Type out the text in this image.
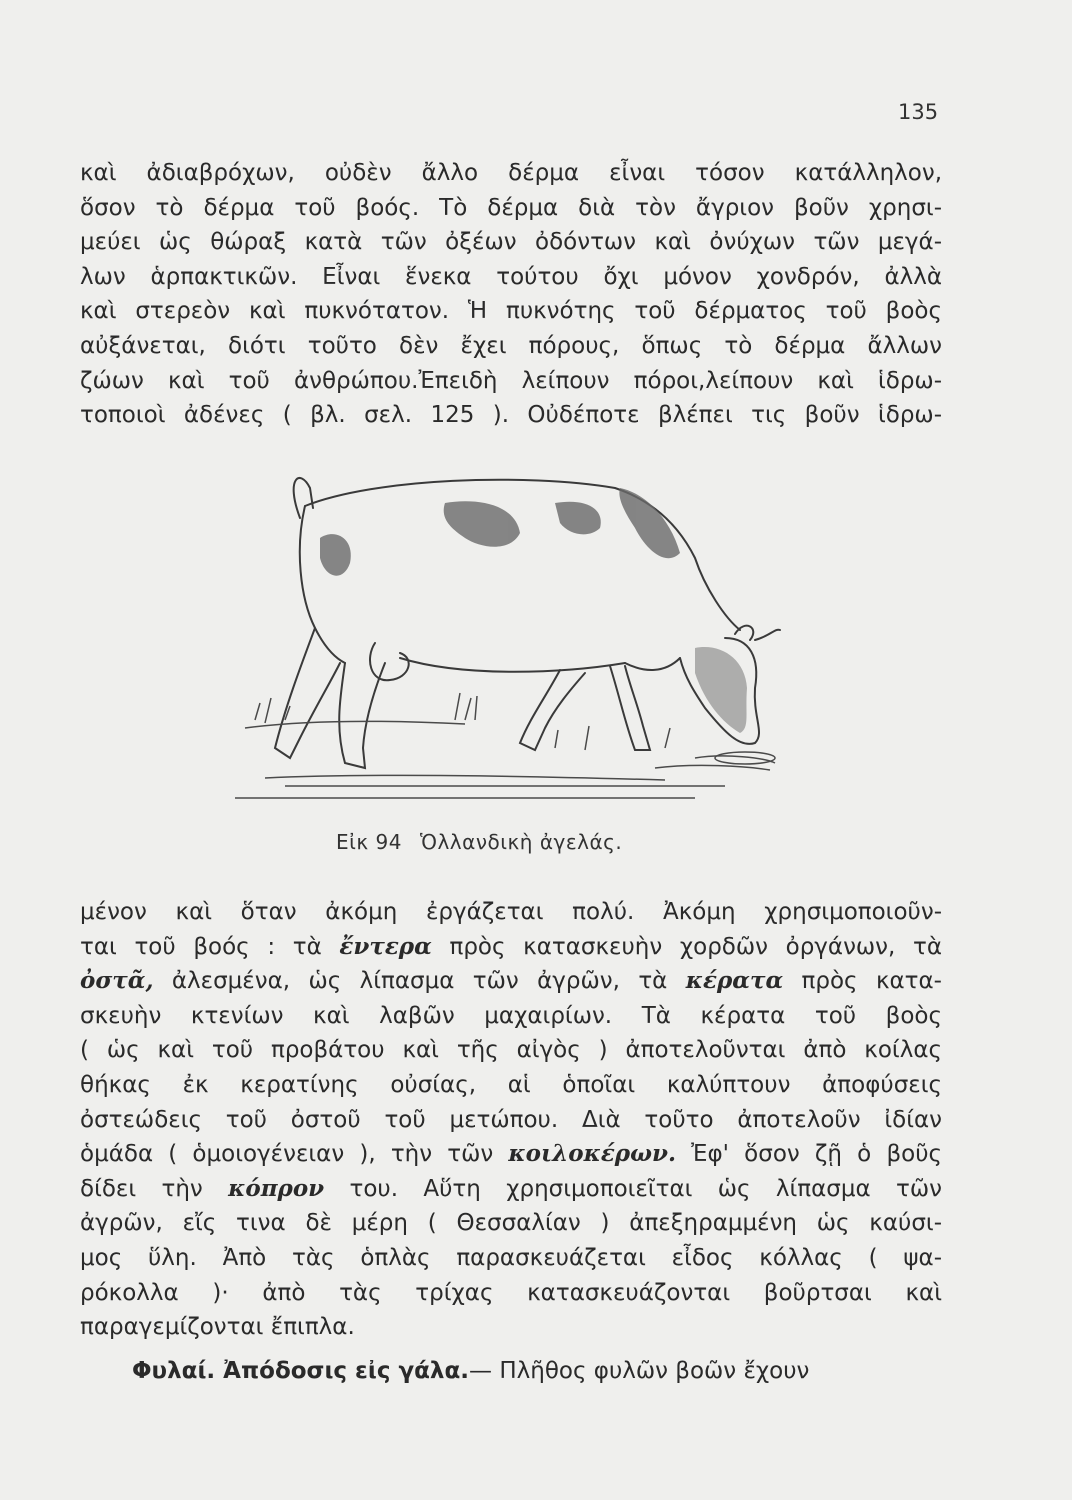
135

καὶ ἀδιαβρόχων, οὐδὲν ἄλλο δέρμα εἶναι τόσον κατάλληλον,
ὅσον τὸ δέρμα τοῦ βοός. Τὸ δέρμα διὰ τὸν ἄγριον βοῦν χρησι-
μεύει ὡς θώραξ κατὰ τῶν ὀξέων ὀδόντων καὶ ὀνύχων τῶν μεγά-
λων ἁρπακτικῶν. Εἶναι ἕνεκα τούτου ὄχι μόνον χονδρόν, ἀλλὰ
καὶ στερεὸν καὶ πυκνότατον. Ἡ πυκνότης τοῦ δέρματος τοῦ βοὸς
αὐξάνεται, διότι τοῦτο δὲν ἔχει πόρους, ὅπως τὸ δέρμα ἄλλων
ζώων καὶ τοῦ ἀνθρώπου.Ἐπειδὴ λείπουν πόροι,λείπουν καὶ ἱδρω-
τοποιοὶ ἀδένες ( βλ. σελ. 125 ). Οὐδέποτε βλέπει τις βοῦν ἱδρω-

Εἰκ 94 Ὁλλανδικὴ ἀγελάς.

μένον καὶ ὅταν ἀκόμη ἐργάζεται πολύ. Ἀκόμη χρησιμοποιοῦν-
ται τοῦ βοός : τὰ ἔντερα πρὸς κατασκευὴν χορδῶν ὀργάνων, τὰ
ὀστᾶ, ἀλεσμένα, ὡς λίπασμα τῶν ἀγρῶν, τὰ κέρατα πρὸς κατα-
σκευὴν κτενίων καὶ λαβῶν μαχαιρίων. Τὰ κέρατα τοῦ βοὸς
( ὡς καὶ τοῦ προβάτου καὶ τῆς αἰγὸς ) ἀποτελοῦνται ἀπὸ κοίλας
θήκας ἐκ κερατίνης οὐσίας, αἱ ὁποῖαι καλύπτουν ἀποφύσεις
ὀστεώδεις τοῦ ὀστοῦ τοῦ μετώπου. Διὰ τοῦτο ἀποτελοῦν ἰδίαν
ὁμάδα ( ὁμοιογένειαν ), τὴν τῶν κοιλοκέρων. Ἐφ' ὅσον ζῇ ὁ βοῦς
δίδει τὴν κόπρον του. Αὕτη χρησιμοποιεῖται ὡς λίπασμα τῶν
ἀγρῶν, εἴς τινα δὲ μέρη ( Θεσσαλίαν ) ἀπεξηραμμένη ὡς καύσι-
μος ὕλη. Ἀπὸ τὰς ὁπλὰς παρασκευάζεται εἶδος κόλλας ( ψα-
ρόκολλα )· ἀπὸ τὰς τρίχας κατασκευάζονται βοῦρτσαι καὶ
παραγεμίζονται ἔπιπλα.

Φυλαί. Ἀπόδοσις εἰς γάλα.— Πλῆθος φυλῶν βοῶν ἔχουν
